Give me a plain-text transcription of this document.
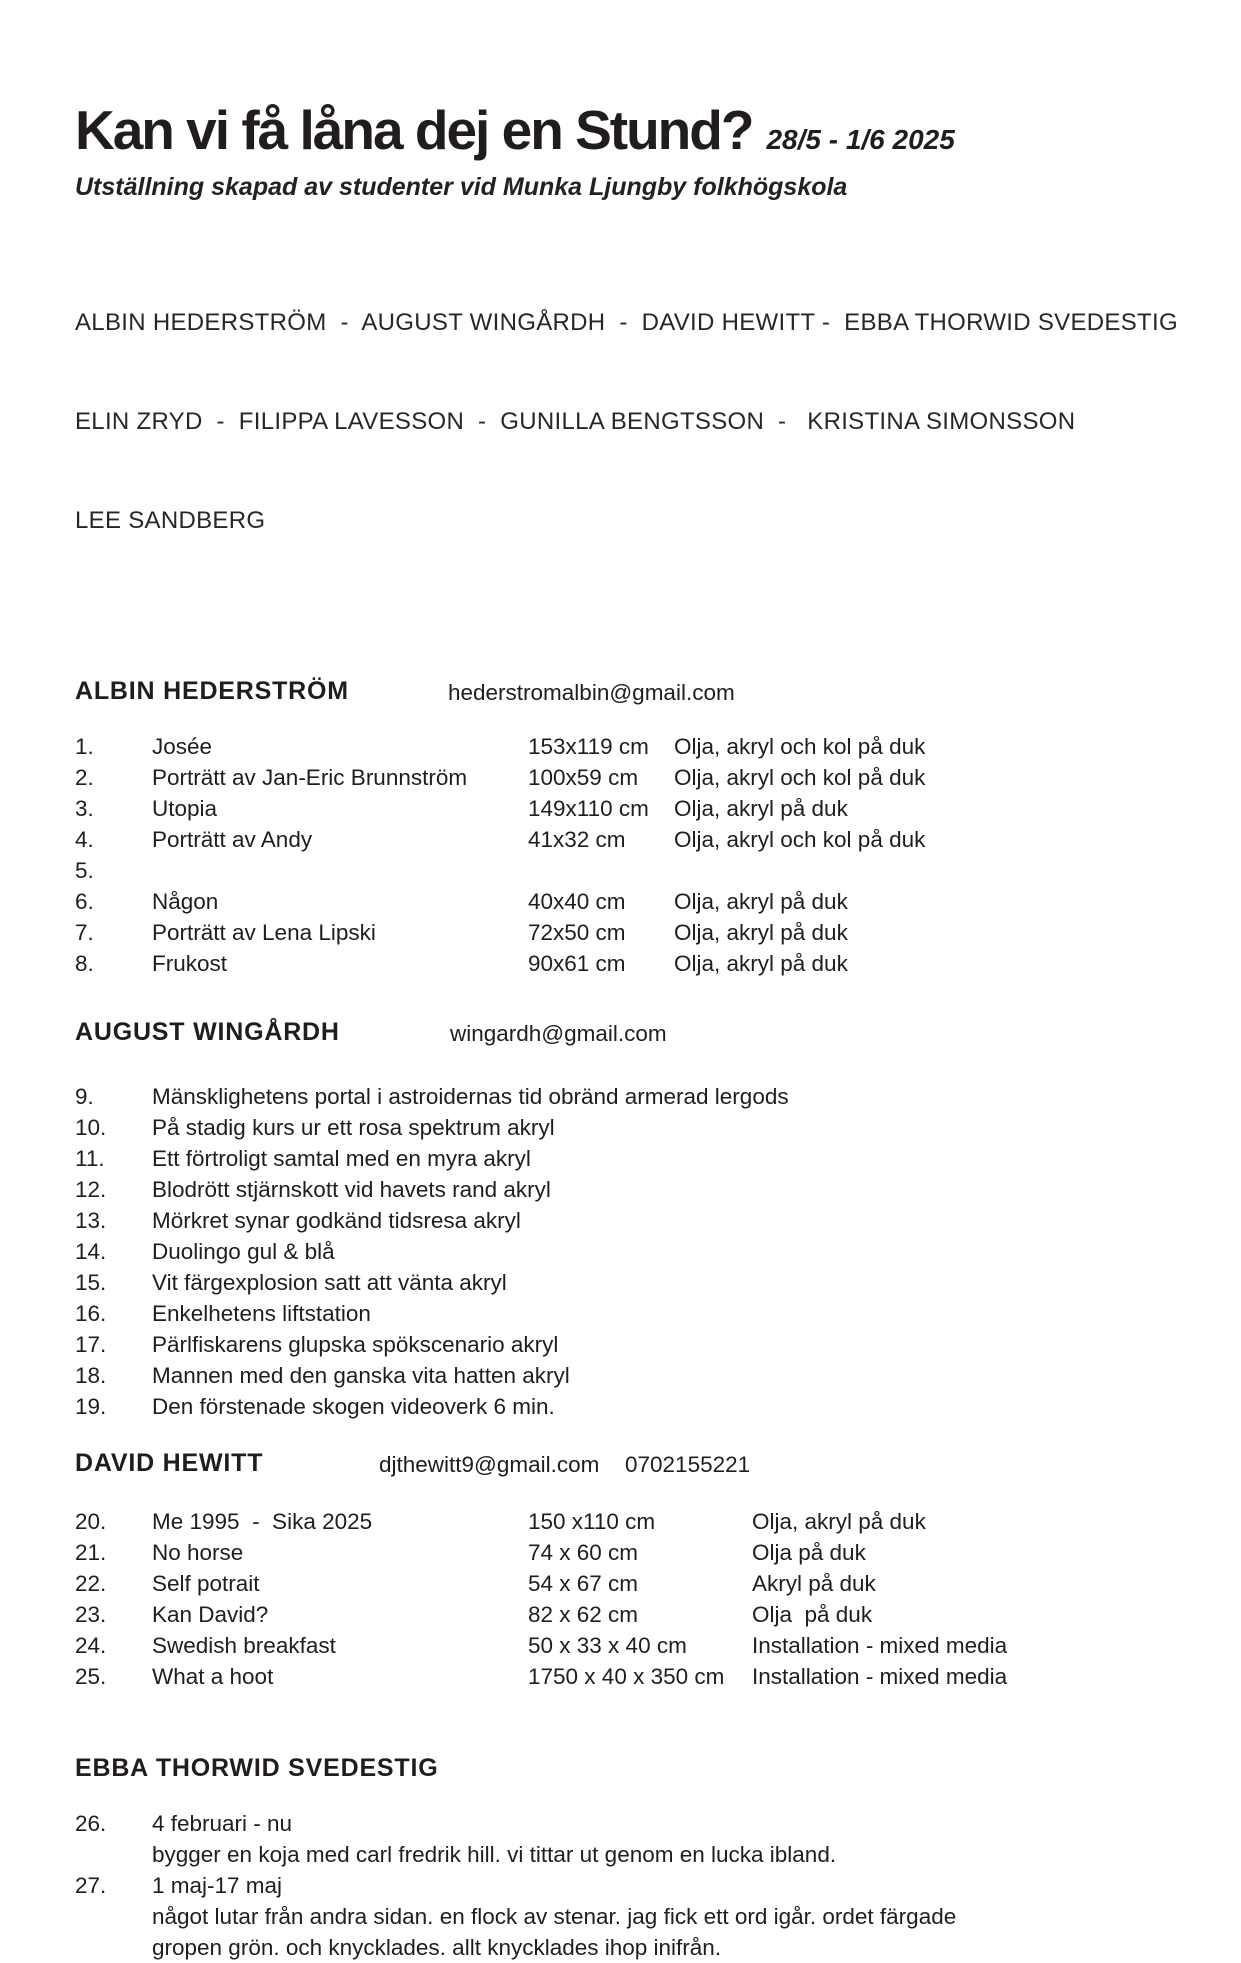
Kan vi få låna dej en Stund? 28/5 - 1/6 2025
Utställning skapad av studenter vid Munka Ljungby folkhögskola

ALBIN HEDERSTRÖM  -  AUGUST WINGÅRDH  -  DAVID HEWITT -  EBBA THORWID SVEDESTIG

ELIN ZRYD  -  FILIPPA LAVESSON  -  GUNILLA BENGTSSON  -   KRISTINA SIMONSSON

LEE SANDBERG

ALBIN HEDERSTRÖM	hederstromalbin@gmail.com
1.	Josée	153x119 cm	Olja, akryl och kol på duk
2.	Porträtt av Jan-Eric Brunnström	100x59 cm	Olja, akryl och kol på duk
3.	Utopia	149x110 cm	Olja, akryl på duk
4.	Porträtt av Andy	41x32 cm	Olja, akryl och kol på duk
5.
6.	Någon	40x40 cm	Olja, akryl på duk
7.	Porträtt av Lena Lipski	72x50 cm	Olja, akryl på duk
8.	Frukost	90x61 cm	Olja, akryl på duk
AUGUST WINGÅRDH	wingardh@gmail.com
9.	Mänsklighetens portal i astroidernas tid obränd armerad lergods
10.	På stadig kurs ur ett rosa spektrum akryl
11.	Ett förtroligt samtal med en myra akryl
12.	Blodrött stjärnskott vid havets rand akryl
13.	Mörkret synar godkänd tidsresa akryl
14.	Duolingo gul & blå
15.	Vit färgexplosion satt att vänta akryl
16.	Enkelhetens liftstation
17.	Pärlfiskarens glupska spökscenario akryl
18.	Mannen med den ganska vita hatten akryl
19.	Den förstenade skogen videoverk 6 min.
DAVID HEWITT	djthewitt9@gmail.com 0702155221
20.	Me 1995  -  Sika 2025	150 x110 cm	Olja, akryl på duk
21.	No horse	74 x 60 cm	Olja på duk
22.	Self potrait	54 x 67 cm	Akryl på duk
23.	Kan David?	82 x 62 cm	Olja  på duk
24.	Swedish breakfast	50 x 33 x 40 cm	Installation - mixed media
25.	What a hoot	1750 x 40 x 350 cm	Installation - mixed media
EBBA THORWID SVEDESTIG
26.	4 februari - nu
bygger en koja med carl fredrik hill. vi tittar ut genom en lucka ibland.
27.	1 maj-17 maj
något lutar från andra sidan. en flock av stenar. jag fick ett ord igår. ordet färgade
gropen grön. och knycklades. allt knycklades ihop inifrån.
